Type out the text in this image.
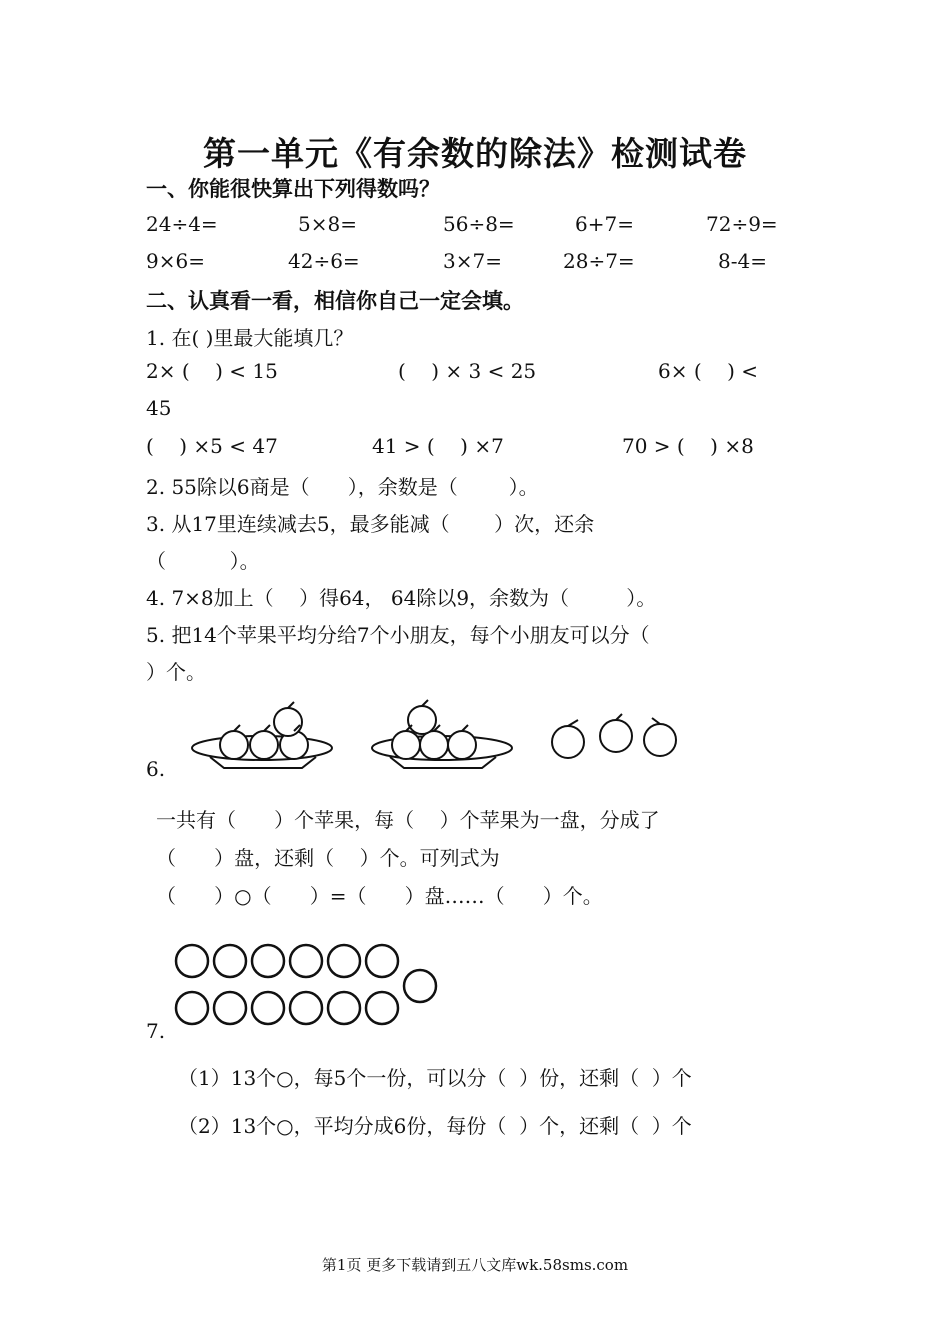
第一单元《有余数的除法》检测试卷
一、你能很快算出下列得数吗？
24÷4=	5×8=	56÷8=	6+7=	72÷9=
9×6=	42÷6=	3×7=	28÷7=	8-4=
二、认真看一看，相信你自己一定会填。
1. 在( )里最大能填几？
2× (    ) < 15	(    ) × 3 < 25	6× (    ) <
45
(    ) ×5 < 47	41 > (    ) ×7	70 > (    ) ×8
2. 55除以6商是（      ），余数是（        ）。
3. 从17里连续减去5，最多能减（       ）次，还余
（          ）。
4. 7×8加上（    ）得64， 64除以9，余数为（         ）。
5. 把14个苹果平均分给7个小朋友，每个小朋友可以分（
）个。
6.
一共有（      ）个苹果，每（    ）个苹果为一盘，分成了
（      ）盘，还剩（    ）个。可列式为
（      ）○（      ）=（      ）盘……（      ）个。
7.
（1）13个○，每5个一份，可以分（  ）份，还剩（  ）个
（2）13个○，平均分成6份，每份（  ）个，还剩（  ）个
第1页 更多下载请到五八文库wk.58sms.com
